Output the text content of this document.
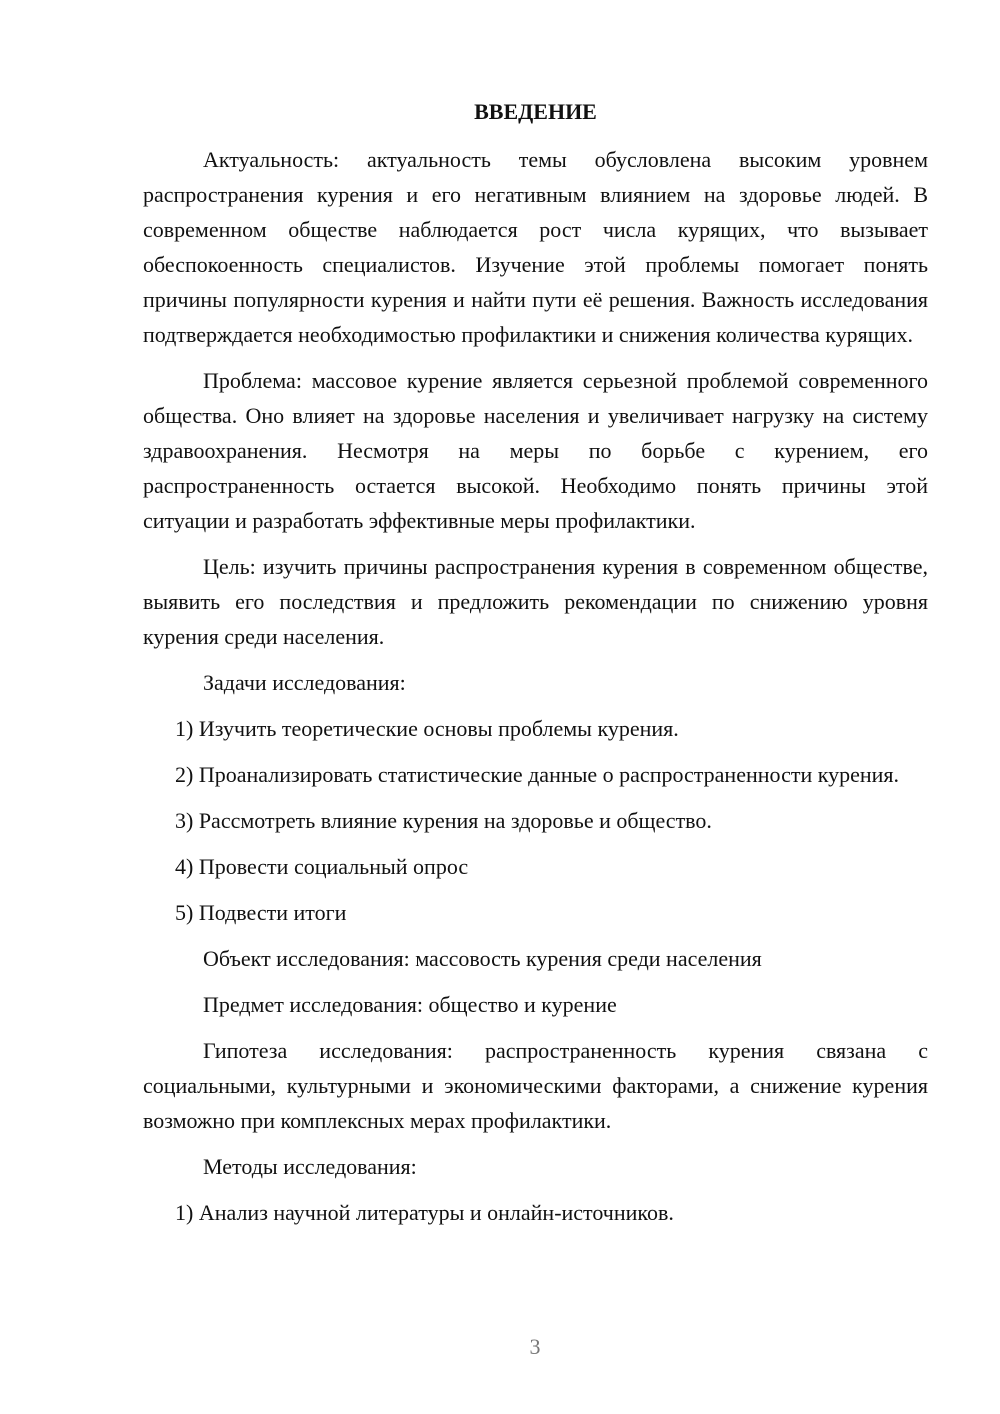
ВВЕДЕНИЕ

Актуальность: актуальность темы обусловлена высоким уровнем распространения курения и его негативным влиянием на здоровье людей. В современном обществе наблюдается рост числа курящих, что вызывает обеспокоенность специалистов. Изучение этой проблемы помогает понять причины популярности курения и найти пути её решения. Важность исследования подтверждается необходимостью профилактики и снижения количества курящих.

Проблема: массовое курение является серьезной проблемой современного общества. Оно влияет на здоровье населения и увеличивает нагрузку на систему здравоохранения. Несмотря на меры по борьбе с курением, его распространенность остается высокой. Необходимо понять причины этой ситуации и разработать эффективные меры профилактики.

Цель: изучить причины распространения курения в современном обществе, выявить его последствия и предложить рекомендации по снижению уровня курения среди населения.

Задачи исследования:

1) Изучить теоретические основы проблемы курения.

2) Проанализировать статистические данные о распространенности курения.

3) Рассмотреть влияние курения на здоровье и общество.

4) Провести социальный опрос

5) Подвести итоги

Объект исследования: массовость курения среди населения

Предмет исследования: общество и курение

Гипотеза исследования: распространенность курения связана с социальными, культурными и экономическими факторами, а снижение курения возможно при комплексных мерах профилактики.

Методы исследования:

1) Анализ научной литературы и онлайн-источников.

3
